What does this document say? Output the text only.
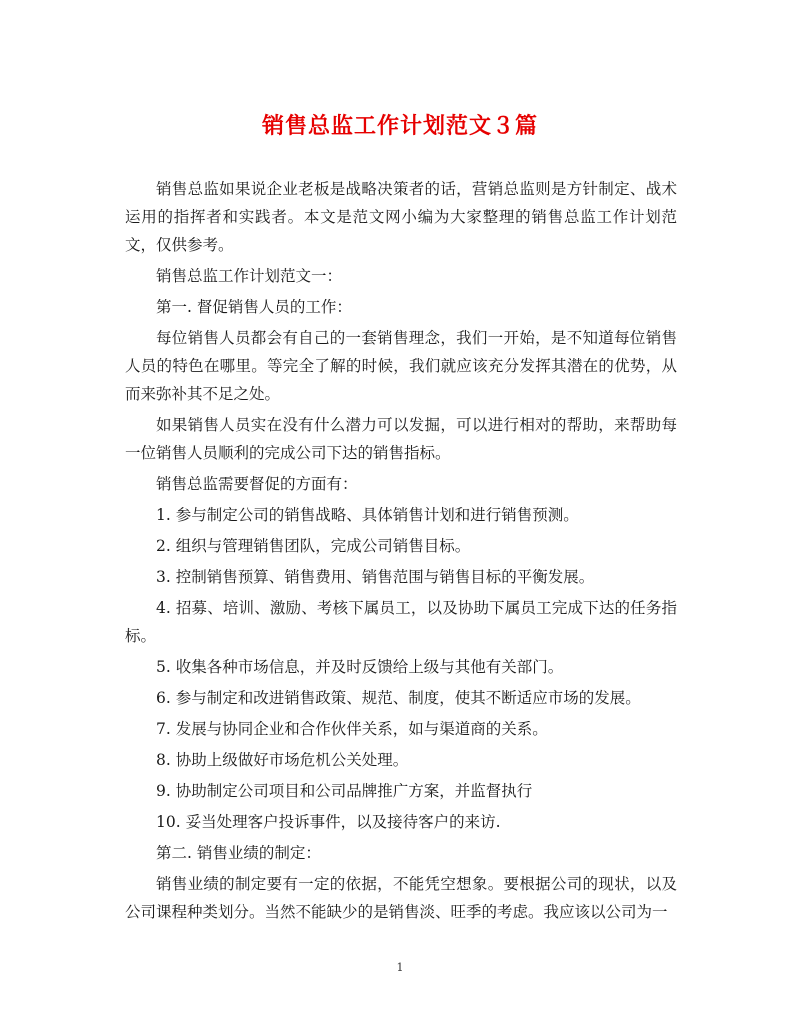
销售总监工作计划范文３篇

销售总监如果说企业老板是战略决策者的话，营销总监则是方针制定、战术运用的指挥者和实践者。本文是范文网小编为大家整理的销售总监工作计划范文，仅供参考。

销售总监工作计划范文一：

第一. 督促销售人员的工作：

每位销售人员都会有自己的一套销售理念，我们一开始，是不知道每位销售人员的特色在哪里。等完全了解的时候，我们就应该充分发挥其潜在的优势，从而来弥补其不足之处。

如果销售人员实在没有什么潜力可以发掘，可以进行相对的帮助，来帮助每一位销售人员顺利的完成公司下达的销售指标。

销售总监需要督促的方面有：

1. 参与制定公司的销售战略、具体销售计划和进行销售预测。

2. 组织与管理销售团队，完成公司销售目标。

3. 控制销售预算、销售费用、销售范围与销售目标的平衡发展。

4. 招募、培训、激励、考核下属员工，以及协助下属员工完成下达的任务指标。

5. 收集各种市场信息，并及时反馈给上级与其他有关部门。

6. 参与制定和改进销售政策、规范、制度，使其不断适应市场的发展。

7. 发展与协同企业和合作伙伴关系，如与渠道商的关系。

8. 协助上级做好市场危机公关处理。

9. 协助制定公司项目和公司品牌推广方案，并监督执行

10. 妥当处理客户投诉事件，以及接待客户的来访.

第二. 销售业绩的制定：

销售业绩的制定要有一定的依据，不能凭空想象。要根据公司的现状，以及公司课程种类划分。当然不能缺少的是销售淡、旺季的考虑。我应该以公司为一

1
